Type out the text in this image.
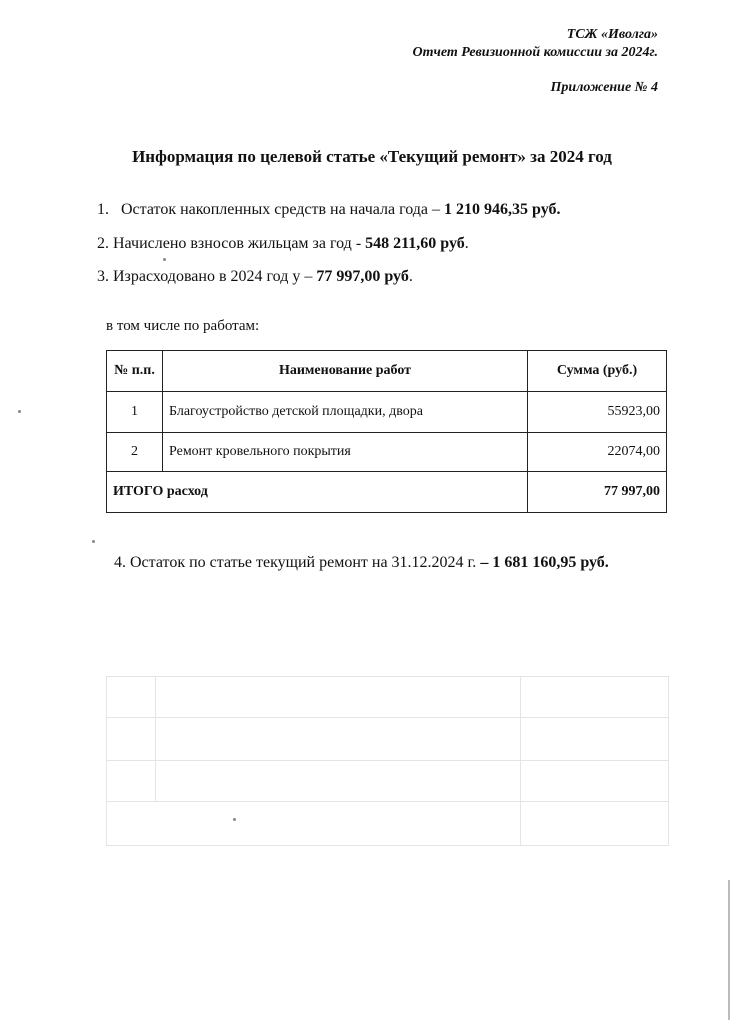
ТСЖ «Иволга»
Отчет Ревизионной комиссии за 2024г.
Приложение № 4
Информация по целевой статье «Текущий ремонт» за 2024 год
1. Остаток накопленных средств на начала года – 1 210 946,35 руб.
2. Начислено взносов жильцам за год - 548 211,60 руб.
3. Израсходовано в 2024 год у – 77 997,00 руб.
в том числе по работам:
№ п.п.	Наименование работ	Сумма (руб.)
1	Благоустройство детской площадки, двора	55923,00
2	Ремонт кровельного покрытия	22074,00
ИТОГО расход		77 997,00
4. Остаток по статье текущий ремонт на 31.12.2024 г. – 1 681 160,95 руб.
